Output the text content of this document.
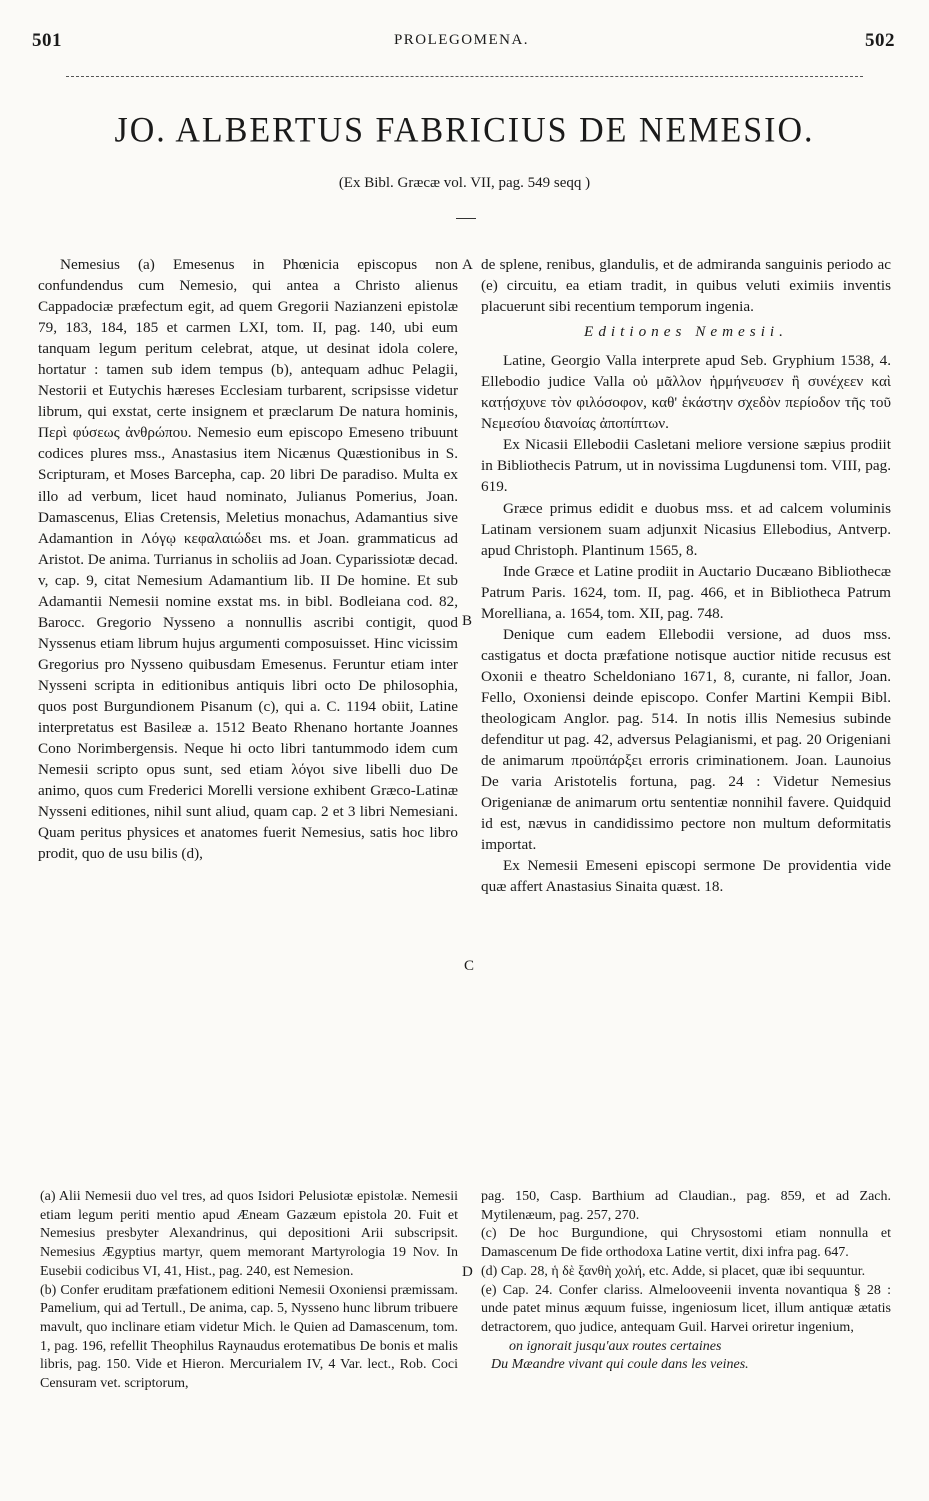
501	PROLEGOMENA.	502
JO. ALBERTUS FABRICIUS DE NEMESIO.
(Ex Bibl. Græcæ vol. VII, pag. 549 seqq )

Nemesius (a) Emesenus in Phœnicia episcopus non confundendus cum Nemesio, qui antea a Christo alienus Cappadociæ præfectum egit, ad quem Gregorii Nazianzeni epistolæ 79, 183, 184, 185 et carmen LXI, tom. II, pag. 140, ubi eum tanquam legum peritum celebrat, atque, ut desinat idola colere, hortatur : tamen sub idem tempus (b), antequam adhuc Pelagii, Nestorii et Eutychis hæreses Ecclesiam turbarent, scripsisse videtur librum, qui exstat, certe insignem et præclarum De natura hominis, Περὶ φύσεως ἀνθρώπου. Nemesio eum episcopo Emeseno tribuunt codices plures mss., Anastasius item Nicænus Quæstionibus in S. Scripturam, et Moses Barcepha, cap. 20 libri De paradiso. Multa ex illo ad verbum, licet haud nominato, Julianus Pomerius, Joan. Damascenus, Elias Cretensis, Meletius monachus, Adamantius sive Adamantion in Λόγῳ κεφαλαιώδει ms. et Joan. grammaticus ad Aristot. De anima. Turrianus in scholiis ad Joan. Cyparissiotæ decad. v, cap. 9, citat Nemesium Adamantium lib. II De homine. Et sub Adamantii Nemesii nomine exstat ms. in bibl. Bodleiana cod. 82, Barocc. Gregorio Nysseno a nonnullis ascribi contigit, quod Nyssenus etiam librum hujus argumenti composuisset. Hinc vicissim Gregorius pro Nysseno quibusdam Emesenus. Feruntur etiam inter Nysseni scripta in editionibus antiquis libri octo De philosophia, quos post Burgundionem Pisanum (c), qui a. C. 1194 obiit, Latine interpretatus est Basileæ a. 1512 Beato Rhenano hortante Joannes Cono Norimbergensis. Neque hi octo libri tantummodo idem cum Nemesii scripto opus sunt, sed etiam λόγοι sive libelli duo De animo, quos cum Frederici Morelli versione exhibent Græco-Latinæ Nysseni editiones, nihil sunt aliud, quam cap. 2 et 3 libri Nemesiani. Quam peritus physices et anatomes fuerit Nemesius, satis hoc libro prodit, quo de usu bilis (d),

A
B
C
D

de splene, renibus, glandulis, et de admiranda sanguinis periodo ac (e) circuitu, ea etiam tradit, in quibus veluti eximiis inventis placuerunt sibi recentium temporum ingenia.

Editiones Nemesii.

Latine, Georgio Valla interprete apud Seb. Gryphium 1538, 4. Ellebodio judice Valla οὐ μᾶλλον ἡρμήνευσεν ἢ συνέχεεν καὶ κατῄσχυνε τὸν φιλόσοφον, καθ' ἑκάστην σχεδὸν περίοδον τῆς τοῦ Νεμεσίου διανοίας ἀποπίπτων.

Ex Nicasii Ellebodii Casletani meliore versione sæpius prodiit in Bibliothecis Patrum, ut in novissima Lugdunensi tom. VIII, pag. 619.

Græce primus edidit e duobus mss. et ad calcem voluminis Latinam versionem suam adjunxit Nicasius Ellebodius, Antverp. apud Christoph. Plantinum 1565, 8.

Inde Græce et Latine prodiit in Auctario Ducæano Bibliothecæ Patrum Paris. 1624, tom. II, pag. 466, et in Bibliotheca Patrum Morelliana, a. 1654, tom. XII, pag. 748.

Denique cum eadem Ellebodii versione, ad duos mss. castigatus et docta præfatione notisque auctior nitide recusus est Oxonii e theatro Scheldoniano 1671, 8, curante, ni fallor, Joan. Fello, Oxoniensi deinde episcopo. Confer Martini Kempii Bibl. theologicam Anglor. pag. 514. In notis illis Nemesius subinde defenditur ut pag. 42, adversus Pelagianismi, et pag. 20 Origeniani de animarum προϋπάρξει erroris criminationem. Joan. Launoius De varia Aristotelis fortuna, pag. 24 : Videtur Nemesius Origenianæ de animarum ortu sententiæ nonnihil favere. Quidquid id est, nævus in candidissimo pectore non multum deformitatis importat.

Ex Nemesii Emeseni episcopi sermone De providentia vide quæ affert Anastasius Sinaita quæst. 18.

(a) Alii Nemesii duo vel tres, ad quos Isidori Pelusiotæ epistolæ. Nemesii etiam legum periti mentio apud Æneam Gazæum epistola 20. Fuit et Nemesius presbyter Alexandrinus, qui depositioni Arii subscripsit. Nemesius Ægyptius martyr, quem memorant Martyrologia 19 Nov. In Eusebii codicibus VI, 41, Hist., pag. 240, est Nemesion.

(b) Confer eruditam præfationem editioni Nemesii Oxoniensi præmissam. Pamelium, qui ad Tertull., De anima, cap. 5, Nysseno hunc librum tribuere mavult, quo inclinare etiam videtur Mich. le Quien ad Damascenum, tom. 1, pag. 196, refellit Theophilus Raynaudus erotematibus De bonis et malis libris, pag. 150. Vide et Hieron. Mercurialem IV, 4 Var. lect., Rob. Coci Censuram vet. scriptorum,

pag. 150, Casp. Barthium ad Claudian., pag. 859, et ad Zach. Mytilenæum, pag. 257, 270.

(c) De hoc Burgundione, qui Chrysostomi etiam nonnulla et Damascenum De fide orthodoxa Latine vertit, dixi infra pag. 647.

(d) Cap. 28, ἡ δὲ ξανθὴ χολή, etc. Adde, si placet, quæ ibi sequuntur.

(e) Cap. 24. Confer clariss. Almelooveenii inventa novantiqua § 28 : unde patet minus æquum fuisse, ingeniosum licet, illum antiquæ ætatis detractorem, quo judice, antequam Guil. Harvei oriretur ingenium,

on ignorait jusqu'aux routes certaines

Du Mæandre vivant qui coule dans les veines.
